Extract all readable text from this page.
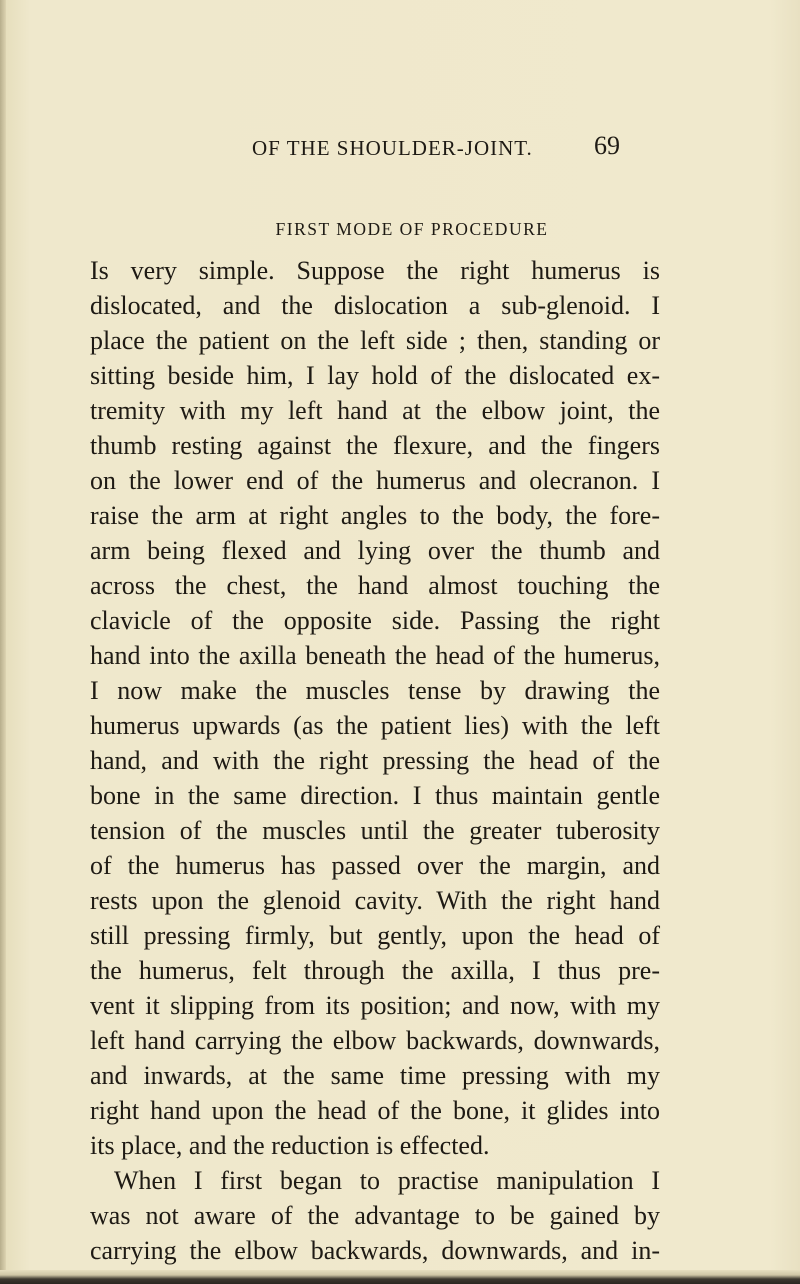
OF THE SHOULDER-JOINT. 69
FIRST MODE OF PROCEDURE
Is very simple. Suppose the right humerus is
dislocated, and the dislocation a sub-glenoid. I
place the patient on the left side ; then, standing or
sitting beside him, I lay hold of the dislocated ex-
tremity with my left hand at the elbow joint, the
thumb resting against the flexure, and the fingers
on the lower end of the humerus and olecranon. I
raise the arm at right angles to the body, the fore-
arm being flexed and lying over the thumb and
across the chest, the hand almost touching the
clavicle of the opposite side. Passing the right
hand into the axilla beneath the head of the humerus,
I now make the muscles tense by drawing the
humerus upwards (as the patient lies) with the left
hand, and with the right pressing the head of the
bone in the same direction. I thus maintain gentle
tension of the muscles until the greater tuberosity
of the humerus has passed over the margin, and
rests upon the glenoid cavity. With the right hand
still pressing firmly, but gently, upon the head of
the humerus, felt through the axilla, I thus pre-
vent it slipping from its position; and now, with my
left hand carrying the elbow backwards, downwards,
and inwards, at the same time pressing with my
right hand upon the head of the bone, it glides into
its place, and the reduction is effected.
When I first began to practise manipulation I
was not aware of the advantage to be gained by
carrying the elbow backwards, downwards, and in-
